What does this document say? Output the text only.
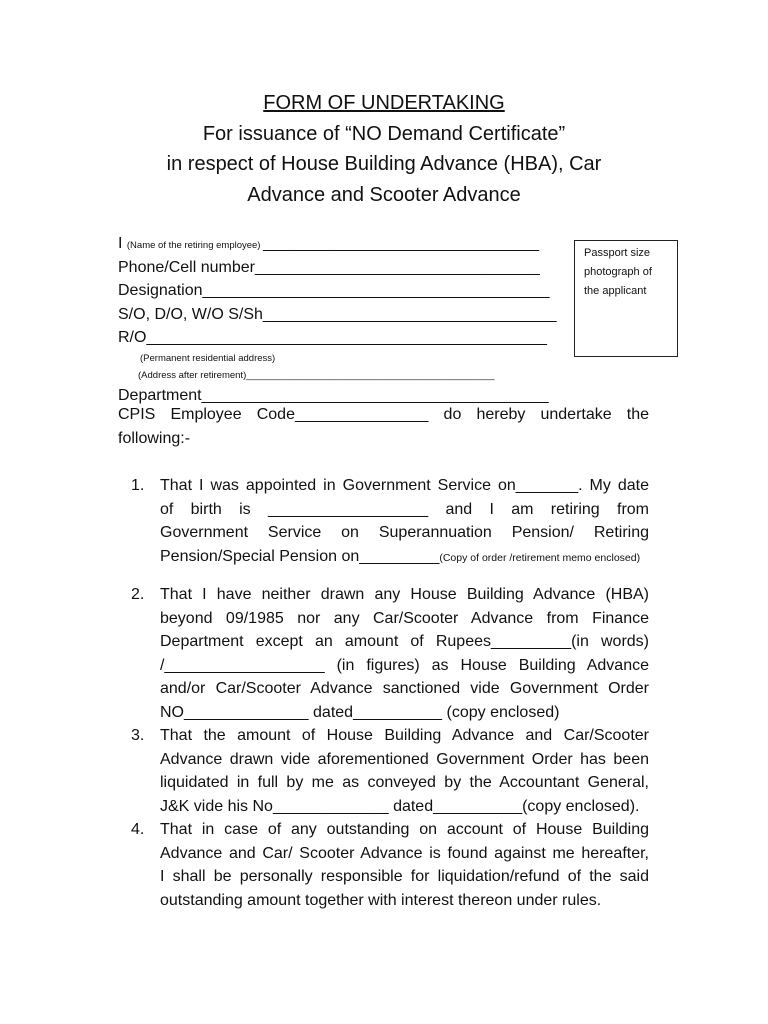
FORM OF UNDERTAKING
For issuance of “NO Demand Certificate”
in respect of House Building Advance (HBA), Car
Advance and Scooter Advance
I (Name of the retiring employee) _______________________________
Phone/Cell number________________________________
Designation_______________________________________
S/O, D/O, W/O S/Sh_________________________________
R/O_____________________________________________
(Permanent residential address)
(Address after retirement)_______________________________________________
Department_______________________________________
Passport size
photograph of
the applicant
CPIS Employee Code_______________ do hereby undertake the
following:-
1. That I was appointed in Government Service on_______. My date
of birth is __________________ and I am retiring from
Government Service on Superannuation Pension/ Retiring
Pension/Special Pension on_________(Copy of order /retirement memo enclosed)
2. That I have neither drawn any House Building Advance (HBA)
beyond 09/1985 nor any Car/Scooter Advance from Finance
Department except an amount of Rupees_________(in words)
/__________________ (in figures) as House Building Advance
and/or Car/Scooter Advance sanctioned vide Government Order
NO______________ dated__________ (copy enclosed)
3. That the amount of House Building Advance and Car/Scooter
Advance drawn vide aforementioned Government Order has been
liquidated in full by me as conveyed by the Accountant General,
J&K vide his No_____________ dated__________(copy enclosed).
4. That in case of any outstanding on account of House Building
Advance and Car/ Scooter Advance is found against me hereafter,
I shall be personally responsible for liquidation/refund of the said
outstanding amount together with interest thereon under rules.
